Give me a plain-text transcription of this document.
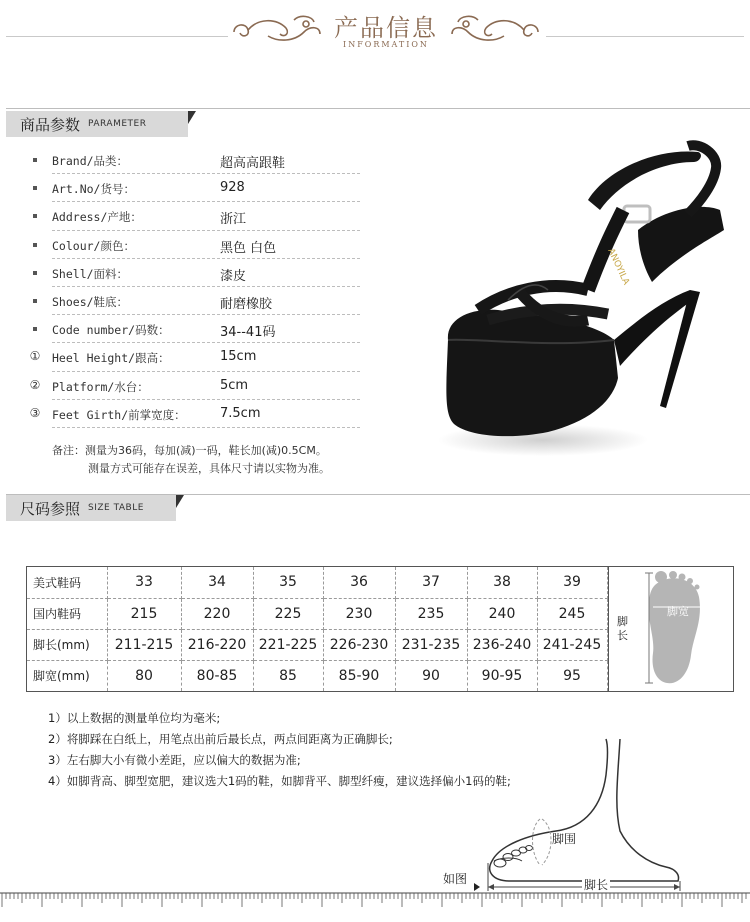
产品信息
INFORMATION
商品参数 PARAMETER
Brand/品类：	超高高跟鞋
Art.No/货号：	928
Address/产地：	浙江
Colour/颜色：	黑色 白色
Shell/面料：	漆皮
Shoes/鞋底：	耐磨橡胶
Code number/码数：	34--41码
① Heel Height/跟高：	15cm
② Platform/水台：	5cm
③ Feet Girth/前掌宽度：	7.5cm
备注：测量为36码，每加(减)一码，鞋长加(减)0.5CM。
测量方式可能存在误差，具体尺寸请以实物为准。
ANOYILA
尺码参照 SIZE TABLE
美式鞋码	33	34	35	36	37	38	39
国内鞋码	215	220	225	230	235	240	245
脚长(mm)	211-215	216-220	221-225	226-230	231-235	236-240	241-245
脚宽(mm)	80	80-85	85	85-90	90	90-95	95
脚长
脚宽
1）以上数据的测量单位均为毫米;
2）将脚踩在白纸上，用笔点出前后最长点，两点间距离为正确脚长;
3）左右脚大小有微小差距，应以偏大的数据为准;
4）如脚背高、脚型宽肥，建议选大1码的鞋，如脚背平、脚型纤瘦，建议选择偏小1码的鞋;
脚围
脚长
如图
